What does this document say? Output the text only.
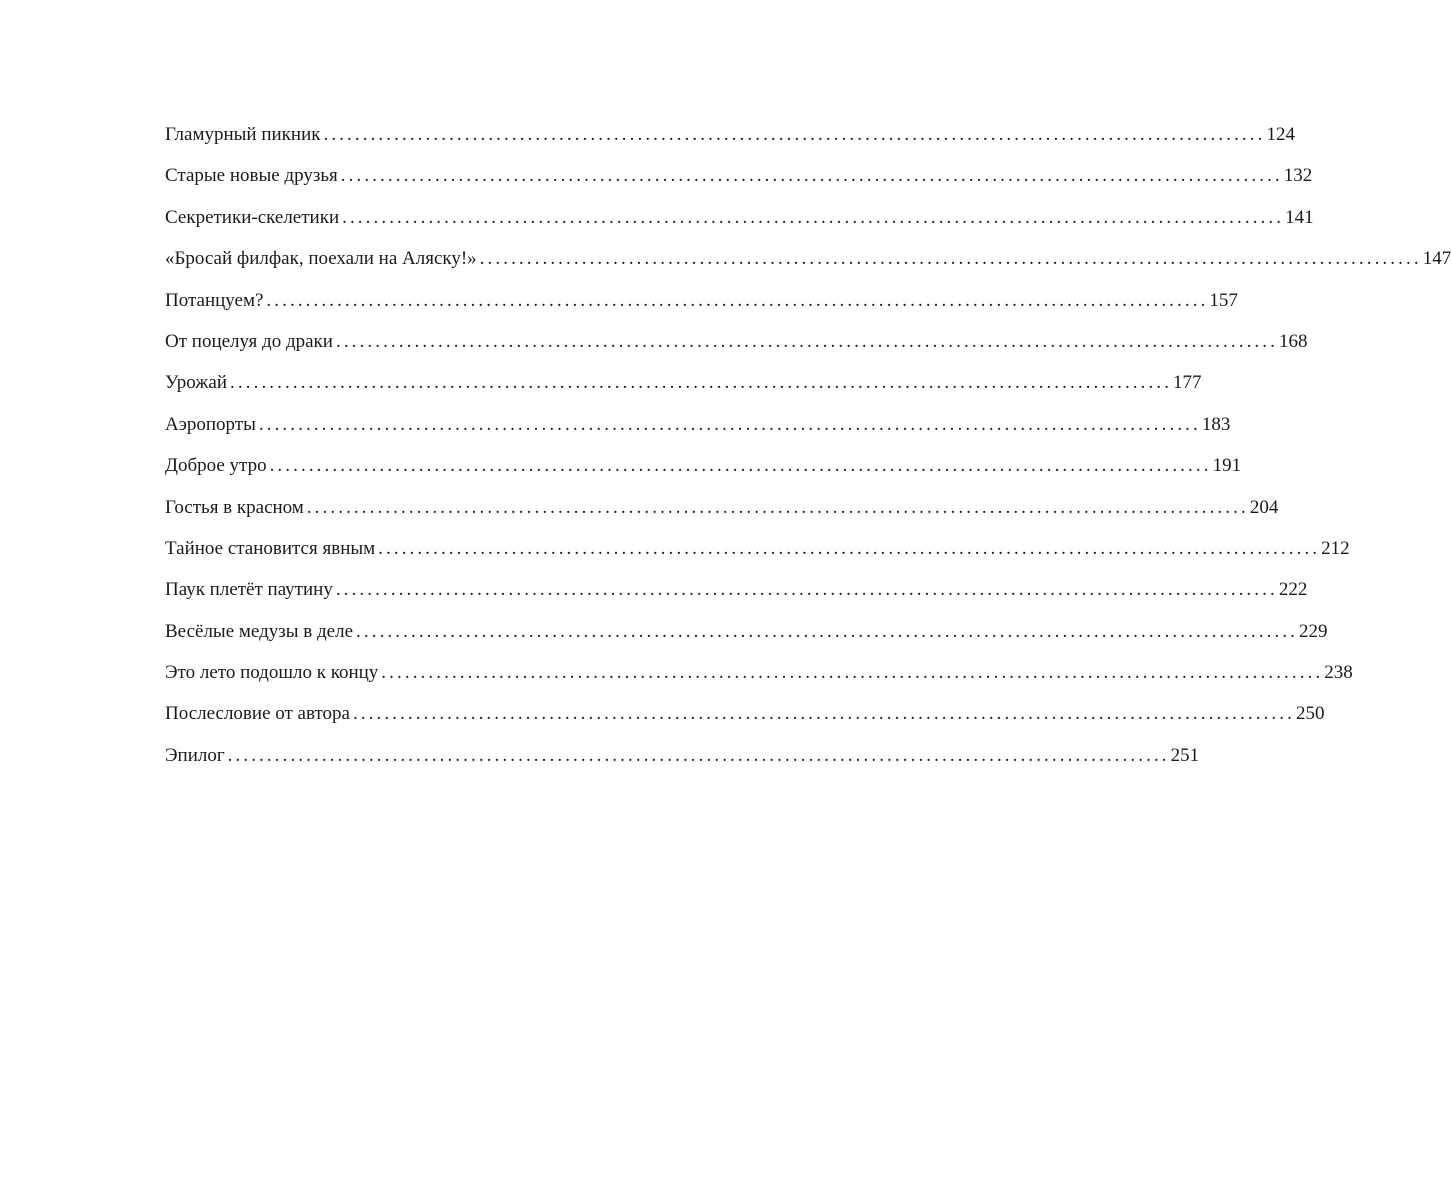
Гламурный пикник ........................................................................................................................ 124
Старые новые друзья ........................................................................................................................ 132
Секретики-скелетики ........................................................................................................................ 141
«Бросай филфак, поехали на Аляску!» ........................................................................................................................ 147
Потанцуем? ........................................................................................................................ 157
От поцелуя до драки ........................................................................................................................ 168
Урожай ........................................................................................................................ 177
Аэропорты ........................................................................................................................ 183
Доброе утро ........................................................................................................................ 191
Гостья в красном ........................................................................................................................ 204
Тайное становится явным ........................................................................................................................ 212
Паук плетёт паутину ........................................................................................................................ 222
Весёлые медузы в деле ........................................................................................................................ 229
Это лето подошло к концу ........................................................................................................................ 238
Послесловие от автора ........................................................................................................................ 250
Эпилог ........................................................................................................................ 251
